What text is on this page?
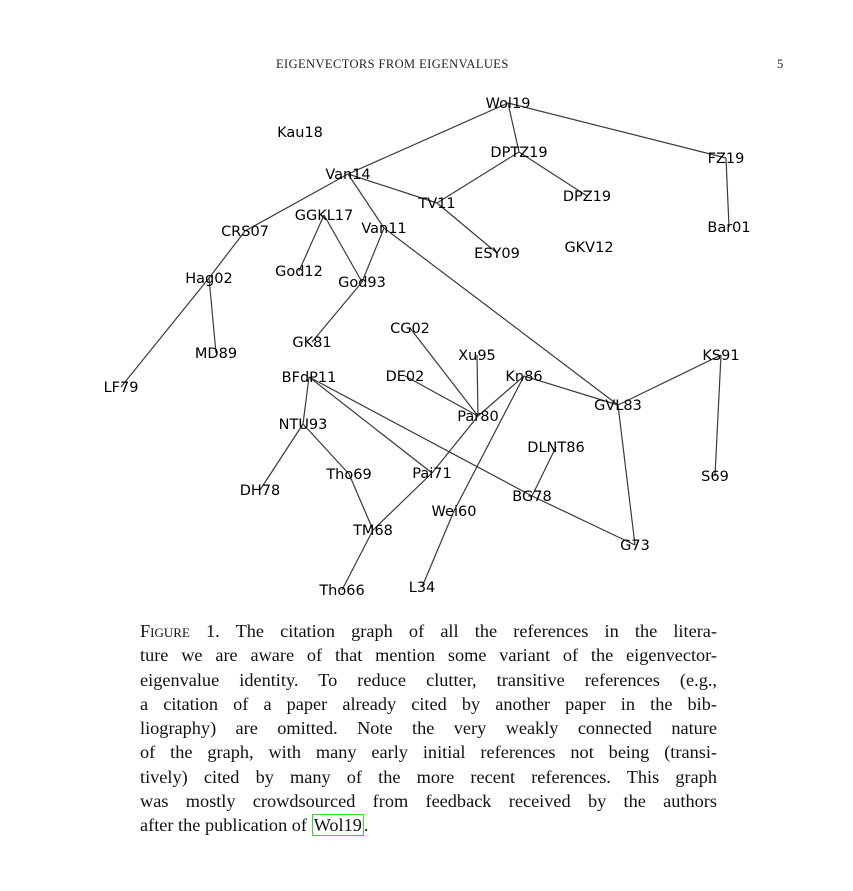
EIGENVECTORS FROM EIGENVALUES	5
Wol19
Kau18
DPTZ19	FZ19
Van14
DPZ19
TV11
GGKL17
CRS07	Van11	Bar01
ESY09	GKV12
God12
Hag02	God93
CG02
GK81
MD89	Xu95	KS91
LF79
BFdP11	DE02	Kn86
GVL83
Par80
NTU93
DLNT86
Tho69	Pai71	S69
DH78	BG78
Wei60
TM68
G73
Tho66	L34
Figure 1. The citation graph of all the references in the litera-
ture we are aware of that mention some variant of the eigenvector-
eigenvalue identity. To reduce clutter, transitive references (e.g.,
a citation of a paper already cited by another paper in the bib-
liography) are omitted. Note the very weakly connected nature
of the graph, with many early initial references not being (transi-
tively) cited by many of the more recent references. This graph
was mostly crowdsourced from feedback received by the authors
after the publication of Wol19 .
